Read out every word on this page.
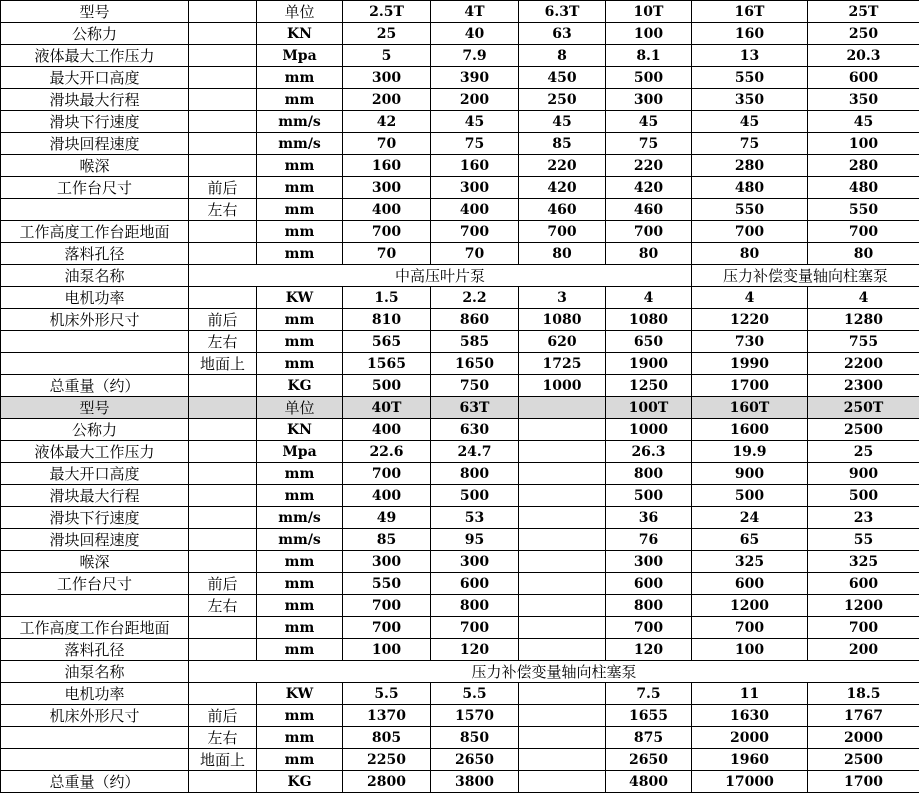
型号		单位	2.5T	4T	6.3T	10T	16T	25T
公称力		KN	25	40	63	100	160	250
液体最大工作压力		Mpa	5	7.9	8	8.1	13	20.3
最大开口高度		mm	300	390	450	500	550	600
滑块最大行程		mm	200	200	250	300	350	350
滑块下行速度		mm/s	42	45	45	45	45	45
滑块回程速度		mm/s	70	75	85	75	75	100
喉深		mm	160	160	220	220	280	280
工作台尺寸	前后	mm	300	300	420	420	480	480
	左右	mm	400	400	460	460	550	550
工作高度工作台距地面		mm	700	700	700	700	700	700
落料孔径		mm	70	70	80	80	80	80
油泵名称	中高压叶片泵						压力补偿变量轴向柱塞泵	
电机功率		KW	1.5	2.2	3	4	4	4
机床外形尺寸	前后	mm	810	860	1080	1080	1220	1280
	左右	mm	565	585	620	650	730	755
	地面上	mm	1565	1650	1725	1900	1990	2200
总重量（约）		KG	500	750	1000	1250	1700	2300
型号		单位	40T	63T		100T	160T	250T
公称力		KN	400	630		1000	1600	2500
液体最大工作压力		Mpa	22.6	24.7		26.3	19.9	25
最大开口高度		mm	700	800		800	900	900
滑块最大行程		mm	400	500		500	500	500
滑块下行速度		mm/s	49	53		36	24	23
滑块回程速度		mm/s	85	95		76	65	55
喉深		mm	300	300		300	325	325
工作台尺寸	前后	mm	550	600		600	600	600
	左右	mm	700	800		800	1200	1200
工作高度工作台距地面		mm	700	700		700	700	700
落料孔径		mm	100	120		120	100	200
油泵名称	压力补偿变量轴向柱塞泵							
电机功率		KW	5.5	5.5		7.5	11	18.5
机床外形尺寸	前后	mm	1370	1570		1655	1630	1767
	左右	mm	805	850		875	2000	2000
	地面上	mm	2250	2650		2650	1960	2500
总重量（约）		KG	2800	3800		4800	17000	1700
